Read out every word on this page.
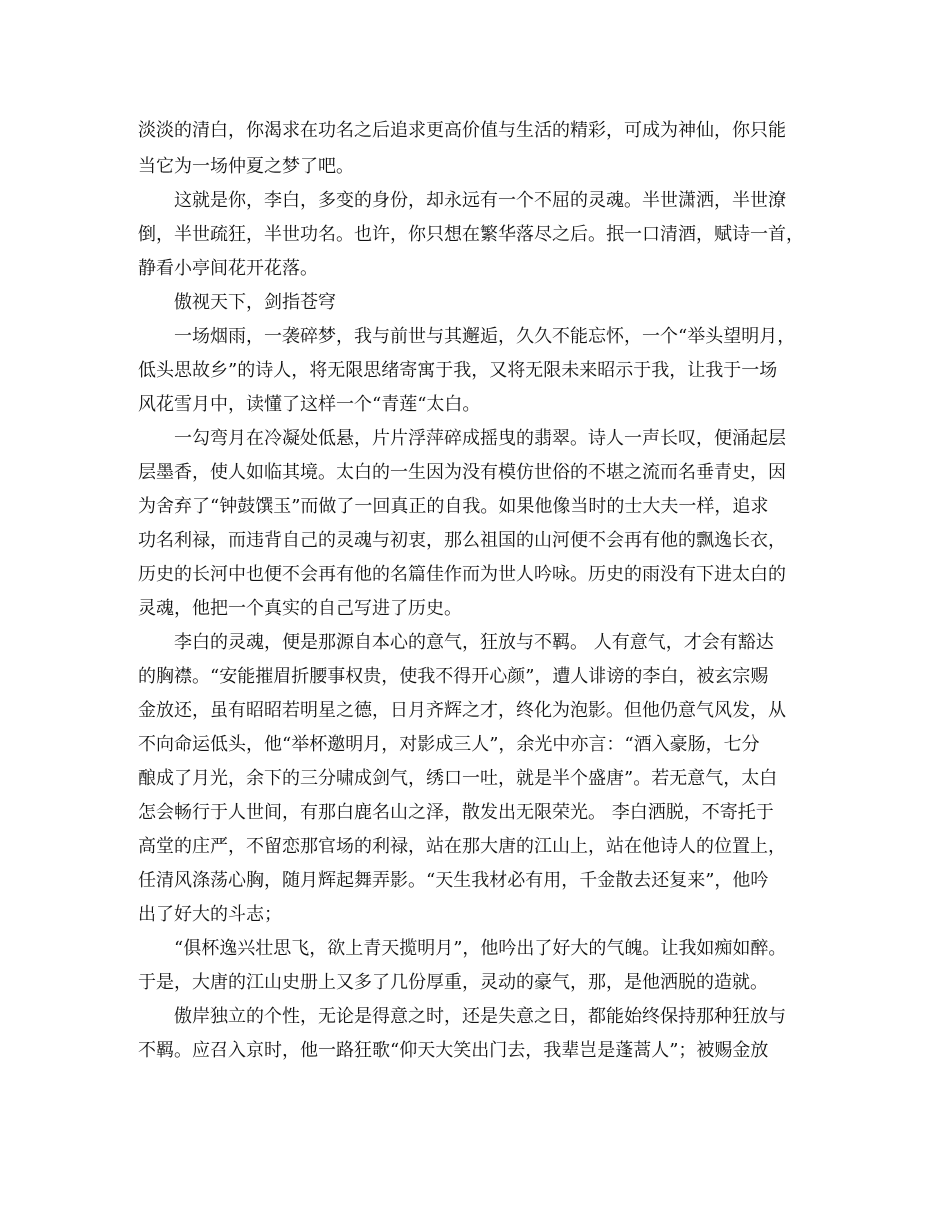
淡淡的清白，你渴求在功名之后追求更高价值与生活的精彩，可成为神仙，你只能
当它为一场仲夏之梦了吧。
这就是你，李白，多变的身份，却永远有一个不屈的灵魂。半世潇洒，半世潦
倒，半世疏狂，半世功名。也许，你只想在繁华落尽之后。抿一口清酒，赋诗一首，
静看小亭间花开花落。
傲视天下，剑指苍穹
一场烟雨，一袭碎梦，我与前世与其邂逅，久久不能忘怀，一个“举头望明月，
低头思故乡”的诗人，将无限思绪寄寓于我，又将无限未来昭示于我，让我于一场
风花雪月中，读懂了这样一个“青莲“太白。
一勾弯月在冷凝处低悬，片片浮萍碎成摇曳的翡翠。诗人一声长叹，便涌起层
层墨香，使人如临其境。太白的一生因为没有模仿世俗的不堪之流而名垂青史，因
为舍弃了“钟鼓馔玉”而做了一回真正的自我。如果他像当时的士大夫一样，追求
功名利禄，而违背自己的灵魂与初衷，那么祖国的山河便不会再有他的飘逸长衣，
历史的长河中也便不会再有他的名篇佳作而为世人吟咏。历史的雨没有下进太白的
灵魂，他把一个真实的自己写进了历史。
李白的灵魂，便是那源自本心的意气，狂放与不羁。 人有意气，才会有豁达
的胸襟。“安能摧眉折腰事权贵，使我不得开心颜”，遭人诽谤的李白，被玄宗赐
金放还，虽有昭昭若明星之德，日月齐辉之才，终化为泡影。但他仍意气风发，从
不向命运低头，他“举杯邀明月，对影成三人”，余光中亦言：“酒入豪肠，七分
酿成了月光，余下的三分啸成剑气，绣口一吐，就是半个盛唐”。若无意气，太白
怎会畅行于人世间，有那白鹿名山之泽，散发出无限荣光。 李白洒脱，不寄托于
高堂的庄严，不留恋那官场的利禄，站在那大唐的江山上，站在他诗人的位置上，
任清风涤荡心胸，随月辉起舞弄影。“天生我材必有用，千金散去还复来”，他吟
出了好大的斗志；
“俱杯逸兴壮思飞，欲上青天揽明月”，他吟出了好大的气魄。让我如痴如醉。
于是，大唐的江山史册上又多了几份厚重，灵动的豪气，那，是他洒脱的造就。
傲岸独立的个性，无论是得意之时，还是失意之日，都能始终保持那种狂放与
不羁。应召入京时，他一路狂歌“仰天大笑出门去，我辈岂是蓬蒿人”；被赐金放
